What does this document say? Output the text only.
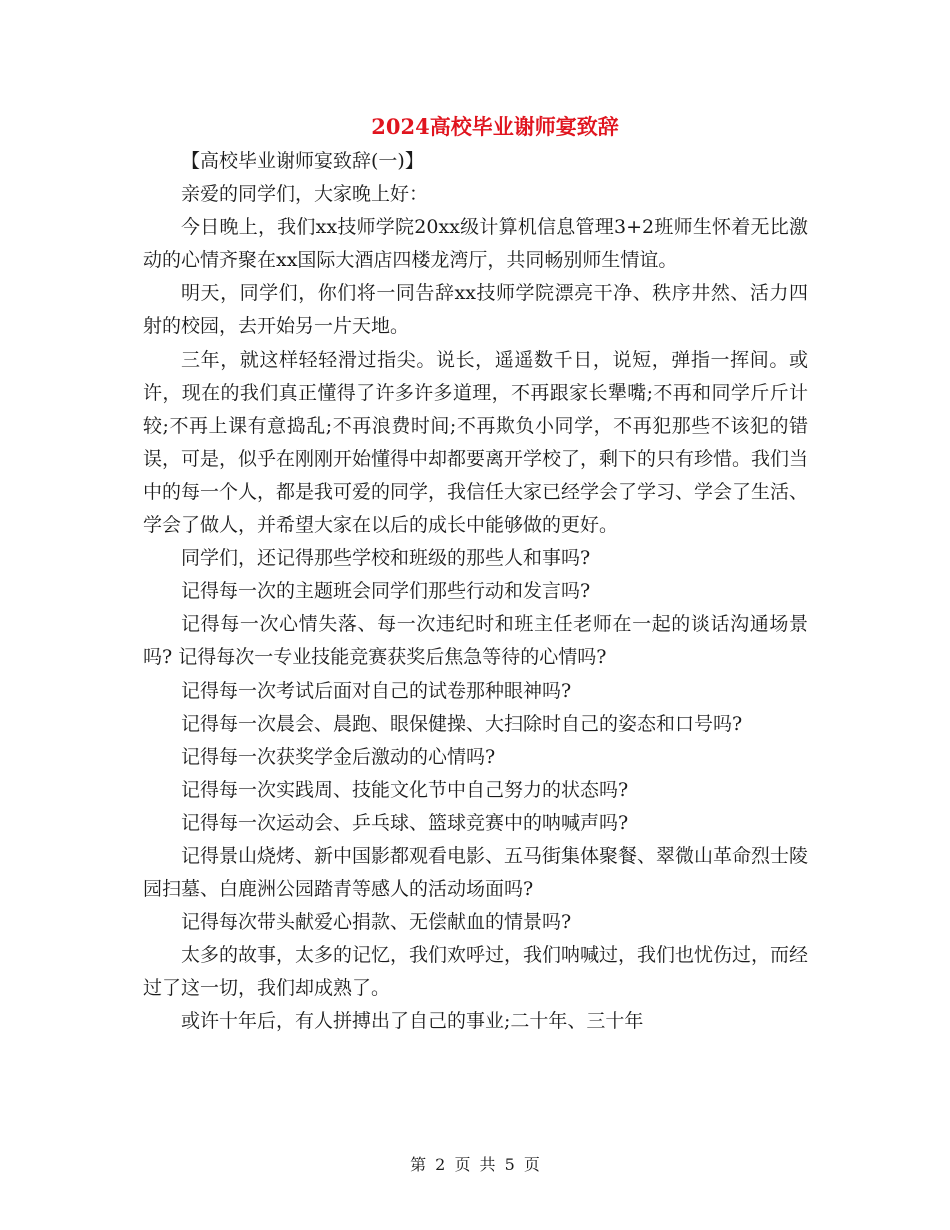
2024高校毕业谢师宴致辞

【高校毕业谢师宴致辞(一)】

亲爱的同学们，大家晚上好：

今日晚上，我们xx技师学院20xx级计算机信息管理3+2班师生怀着无比激动的心情齐聚在xx国际大酒店四楼龙湾厅，共同畅别师生情谊。

明天，同学们，你们将一同告辞xx技师学院漂亮干净、秩序井然、活力四射的校园，去开始另一片天地。

三年，就这样轻轻滑过指尖。说长，遥遥数千日，说短，弹指一挥间。或许，现在的我们真正懂得了许多许多道理，不再跟家长犟嘴;不再和同学斤斤计较;不再上课有意捣乱;不再浪费时间;不再欺负小同学，不再犯那些不该犯的错误，可是，似乎在刚刚开始懂得中却都要离开学校了，剩下的只有珍惜。我们当中的每一个人，都是我可爱的同学，我信任大家已经学会了学习、学会了生活、学会了做人，并希望大家在以后的成长中能够做的更好。

同学们，还记得那些学校和班级的那些人和事吗?

记得每一次的主题班会同学们那些行动和发言吗?

记得每一次心情失落、每一次违纪时和班主任老师在一起的谈话沟通场景吗? 记得每次一专业技能竞赛获奖后焦急等待的心情吗?

记得每一次考试后面对自己的试卷那种眼神吗?

记得每一次晨会、晨跑、眼保健操、大扫除时自己的姿态和口号吗?

记得每一次获奖学金后激动的心情吗?

记得每一次实践周、技能文化节中自己努力的状态吗?

记得每一次运动会、乒乓球、篮球竞赛中的呐喊声吗?

记得景山烧烤、新中国影都观看电影、五马街集体聚餐、翠微山革命烈士陵园扫墓、白鹿洲公园踏青等感人的活动场面吗?

记得每次带头献爱心捐款、无偿献血的情景吗?

太多的故事，太多的记忆，我们欢呼过，我们呐喊过，我们也忧伤过，而经过了这一切，我们却成熟了。

或许十年后，有人拼搏出了自己的事业;二十年、三十年

第 2 页 共 5 页
